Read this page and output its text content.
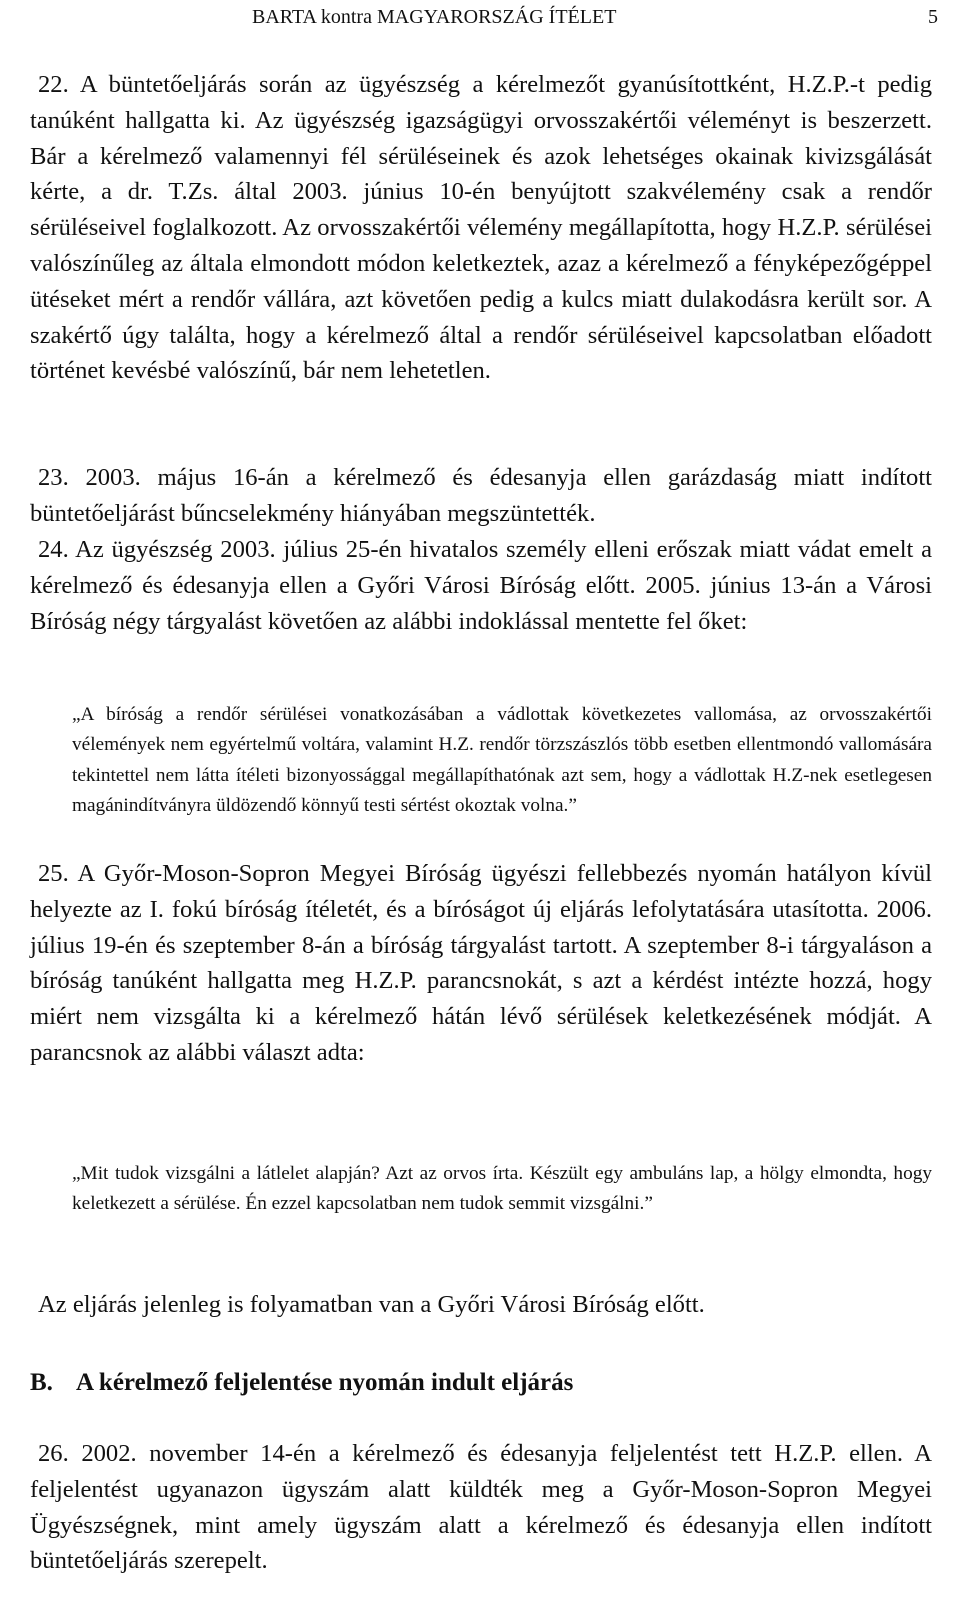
BARTA kontra MAGYARORSZÁG ÍTÉLET	5

22. A büntetőeljárás során az ügyészség a kérelmezőt gyanúsítottként, H.Z.P.-t pedig tanúként hallgatta ki. Az ügyészség igazságügyi orvosszakértői véleményt is beszerzett. Bár a kérelmező valamennyi fél sérüléseinek és azok lehetséges okainak kivizsgálását kérte, a dr. T.Zs. által 2003. június 10-én benyújtott szakvélemény csak a rendőr sérüléseivel foglalkozott. Az orvosszakértői vélemény megállapította, hogy H.Z.P. sérülései valószínűleg az általa elmondott módon keletkeztek, azaz a kérelmező a fényképezőgéppel ütéseket mért a rendőr vállára, azt követően pedig a kulcs miatt dulakodásra került sor. A szakértő úgy találta, hogy a kérelmező által a rendőr sérüléseivel kapcsolatban előadott történet kevésbé valószínű, bár nem lehetetlen.

23. 2003. május 16-án a kérelmező és édesanyja ellen garázdaság miatt indított büntetőeljárást bűncselekmény hiányában megszüntették.

24. Az ügyészség 2003. július 25-én hivatalos személy elleni erőszak miatt vádat emelt a kérelmező és édesanyja ellen a Győri Városi Bíróság előtt. 2005. június 13-án a Városi Bíróság négy tárgyalást követően az alábbi indoklással mentette fel őket:

„A bíróság a rendőr sérülései vonatkozásában a vádlottak következetes vallomása, az orvosszakértői vélemények nem egyértelmű voltára, valamint H.Z. rendőr törzszászlós több esetben ellentmondó vallomására tekintettel nem látta ítéleti bizonyossággal megállapíthatónak azt sem, hogy a vádlottak H.Z-nek esetlegesen magánindítványra üldözendő könnyű testi sértést okoztak volna.”

25. A Győr-Moson-Sopron Megyei Bíróság ügyészi fellebbezés nyomán hatályon kívül helyezte az I. fokú bíróság ítéletét, és a bíróságot új eljárás lefolytatására utasította. 2006. július 19-én és szeptember 8-án a bíróság tárgyalást tartott. A szeptember 8-i tárgyaláson a bíróság tanúként hallgatta meg H.Z.P. parancsnokát, s azt a kérdést intézte hozzá, hogy miért nem vizsgálta ki a kérelmező hátán lévő sérülések keletkezésének módját. A parancsnok az alábbi választ adta:

„Mit tudok vizsgálni a látlelet alapján? Azt az orvos írta. Készült egy ambuláns lap, a hölgy elmondta, hogy keletkezett a sérülése. Én ezzel kapcsolatban nem tudok semmit vizsgálni.”

Az eljárás jelenleg is folyamatban van a Győri Városi Bíróság előtt.

B. A kérelmező feljelentése nyomán indult eljárás

26. 2002. november 14-én a kérelmező és édesanyja feljelentést tett H.Z.P. ellen. A feljelentést ugyanazon ügyszám alatt küldték meg a Győr-Moson-Sopron Megyei Ügyészségnek, mint amely ügyszám alatt a kérelmező és édesanyja ellen indított büntetőeljárás szerepelt.
